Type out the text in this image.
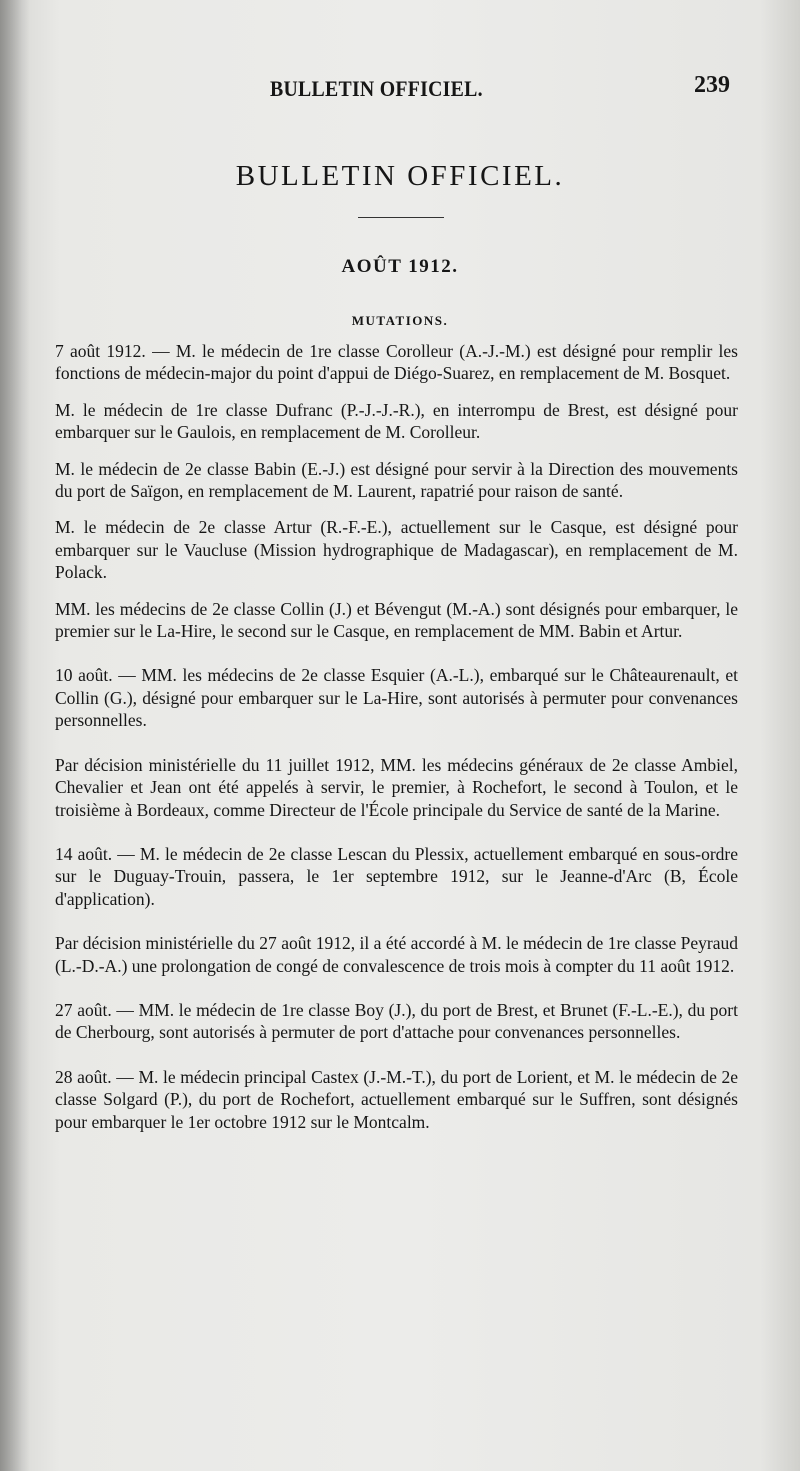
BULLETIN OFFICIEL.	239
BULLETIN OFFICIEL.
AOÛT 1912.
MUTATIONS.

7 août 1912. — M. le médecin de 1re classe Corolleur (A.-J.-M.) est désigné pour remplir les fonctions de médecin-major du point d'appui de Diégo-Suarez, en remplacement de M. Bosquet.

M. le médecin de 1re classe Dufranc (P.-J.-J.-R.), en interrompu de Brest, est désigné pour embarquer sur le Gaulois, en remplacement de M. Corolleur.

M. le médecin de 2e classe Babin (E.-J.) est désigné pour servir à la Direction des mouvements du port de Saïgon, en remplacement de M. Laurent, rapatrié pour raison de santé.

M. le médecin de 2e classe Artur (R.-F.-E.), actuellement sur le Casque, est désigné pour embarquer sur le Vaucluse (Mission hydrographique de Madagascar), en remplacement de M. Polack.

MM. les médecins de 2e classe Collin (J.) et Bévengut (M.-A.) sont désignés pour embarquer, le premier sur le La-Hire, le second sur le Casque, en remplacement de MM. Babin et Artur.

10 août. — MM. les médecins de 2e classe Esquier (A.-L.), embarqué sur le Châteaurenault, et Collin (G.), désigné pour embarquer sur le La-Hire, sont autorisés à permuter pour convenances personnelles.

Par décision ministérielle du 11 juillet 1912, MM. les médecins généraux de 2e classe Ambiel, Chevalier et Jean ont été appelés à servir, le premier, à Rochefort, le second à Toulon, et le troisième à Bordeaux, comme Directeur de l'École principale du Service de santé de la Marine.

14 août. — M. le médecin de 2e classe Lescan du Plessix, actuellement embarqué en sous-ordre sur le Duguay-Trouin, passera, le 1er septembre 1912, sur le Jeanne-d'Arc (B, École d'application).

Par décision ministérielle du 27 août 1912, il a été accordé à M. le médecin de 1re classe Peyraud (L.-D.-A.) une prolongation de congé de convalescence de trois mois à compter du 11 août 1912.

27 août. — MM. le médecin de 1re classe Boy (J.), du port de Brest, et Brunet (F.-L.-E.), du port de Cherbourg, sont autorisés à permuter de port d'attache pour convenances personnelles.

28 août. — M. le médecin principal Castex (J.-M.-T.), du port de Lorient, et M. le médecin de 2e classe Solgard (P.), du port de Rochefort, actuellement embarqué sur le Suffren, sont désignés pour embarquer le 1er octobre 1912 sur le Montcalm.
